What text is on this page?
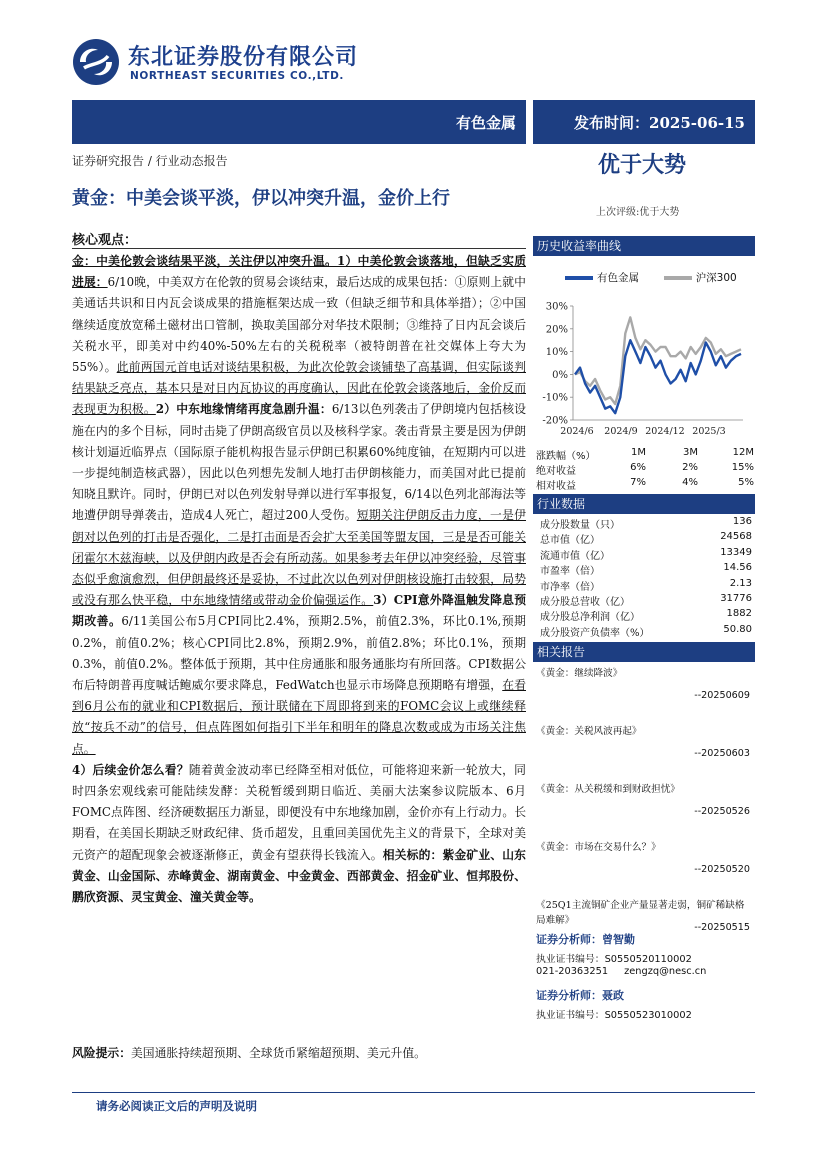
东北证券股份有限公司
NORTHEAST SECURITIES CO.,LTD.
有色金属	发布时间：2025-06-15
证券研究报告 / 行业动态报告
黄金：中美会谈平淡，伊以冲突升温，金价上行
优于大势
上次评级:优于大势
核心观点：

金：中美伦敦会谈结果平淡，关注伊以冲突升温。1）中美伦敦会谈落地，但缺乏实质进展：6/10晚，中美双方在伦敦的贸易会谈结束，最后达成的成果包括：①原则上就中美通话共识和日内瓦会谈成果的措施框架达成一致（但缺乏细节和具体举措）；②中国继续适度放宽稀土磁材出口管制，换取美国部分对华技术限制；③维持了日内瓦会谈后关税水平，即美对中约40%-50%左右的关税税率（被特朗普在社交媒体上夸大为55%）。此前两国元首电话对谈结果积极，为此次伦敦会谈铺垫了高基调，但实际谈判结果缺乏亮点，基本只是对日内瓦协议的再度确认，因此在伦敦会谈落地后，金价反而表现更为积极。2）中东地缘情绪再度急剧升温：6/13以色列袭击了伊朗境内包括核设施在内的多个目标，同时击毙了伊朗高级官员以及核科学家。袭击背景主要是因为伊朗核计划逼近临界点（国际原子能机构报告显示伊朗已积累60%纯度铀，在短期内可以进一步提纯制造核武器），因此以色列想先发制人地打击伊朗核能力，而美国对此已提前知晓且默许。同时，伊朗已对以色列发射导弹以进行军事报复，6/14以色列北部海法等地遭伊朗导弹袭击，造成4人死亡，超过200人受伤。短期关注伊朗反击力度，一是伊朗对以色列的打击是否强化，二是打击面是否会扩大至美国等盟友国，三是是否可能关闭霍尔木兹海峡，以及伊朗内政是否会有所动荡。如果参考去年伊以冲突经验，尽管事态似乎愈演愈烈，但伊朗最终还是妥协，不过此次以色列对伊朗核设施打击较狠，局势或没有那么快平稳，中东地缘情绪或带动金价偏强运作。3）CPI意外降温触发降息预期改善。6/11美国公布5月CPI同比2.4%，预期2.5%，前值2.3%，环比0.1%,预期0.2%，前值0.2%；核心CPI同比2.8%，预期2.9%，前值2.8%；环比0.1%，预期0.3%，前值0.2%。整体低于预期，其中住房通胀和服务通胀均有所回落。CPI数据公布后特朗普再度喊话鲍威尔要求降息，FedWatch也显示市场降息预期略有增强，在看到6月公布的就业和CPI数据后，预计联储在下周即将到来的FOMC会议上或继续释放“按兵不动”的信号，但点阵图如何指引下半年和明年的降息次数或成为市场关注焦点。

4）后续金价怎么看？随着黄金波动率已经降至相对低位，可能将迎来新一轮放大，同时四条宏观线索可能陆续发酵：关税暂缓到期日临近、美丽大法案参议院版本、6月FOMC点阵图、经济硬数据压力渐显，即便没有中东地缘加剧，金价亦有上行动力。长期看，在美国长期缺乏财政纪律、货币超发，且重回美国优先主义的背景下，全球对美元资产的超配现象会被逐渐修正，黄金有望获得长钱流入。相关标的：紫金矿业、山东黄金、山金国际、赤峰黄金、湖南黄金、中金黄金、西部黄金、招金矿业、恒邦股份、鹏欣资源、灵宝黄金、潼关黄金等。

风险提示：美国通胀持续超预期、全球货币紧缩超预期、美元升值。
请务必阅读正文后的声明及说明
历史收益率曲线
有色金属	沪深300
30%
20%
10%
0%
-10%
-20%
2024/6 2024/9 2024/12 2025/3
涨跌幅（%）	1M	3M	12M
绝对收益	6%	2%	15%
相对收益	7%	4%	5%
行业数据
成分股数量（只）	136
总市值（亿）	24568
流通市值（亿）	13349
市盈率（倍）	14.56
市净率（倍）	2.13
成分股总营收（亿）	31776
成分股总净利润（亿）	1882
成分股资产负债率（%）	50.80
相关报告
《黄金：继续降波》
--20250609
《黄金：关税风波再起》
--20250603
《黄金：从关税缓和到财政担忧》
--20250526
《黄金：市场在交易什么？》
--20250520
《25Q1主流铜矿企业产量显著走弱，铜矿稀缺格局难解》
--20250515
证券分析师：曾智勤
执业证书编号：S0550520110002
021-20363251 zengzq@nesc.cn
证券分析师：聂政
执业证书编号：S0550523010002
